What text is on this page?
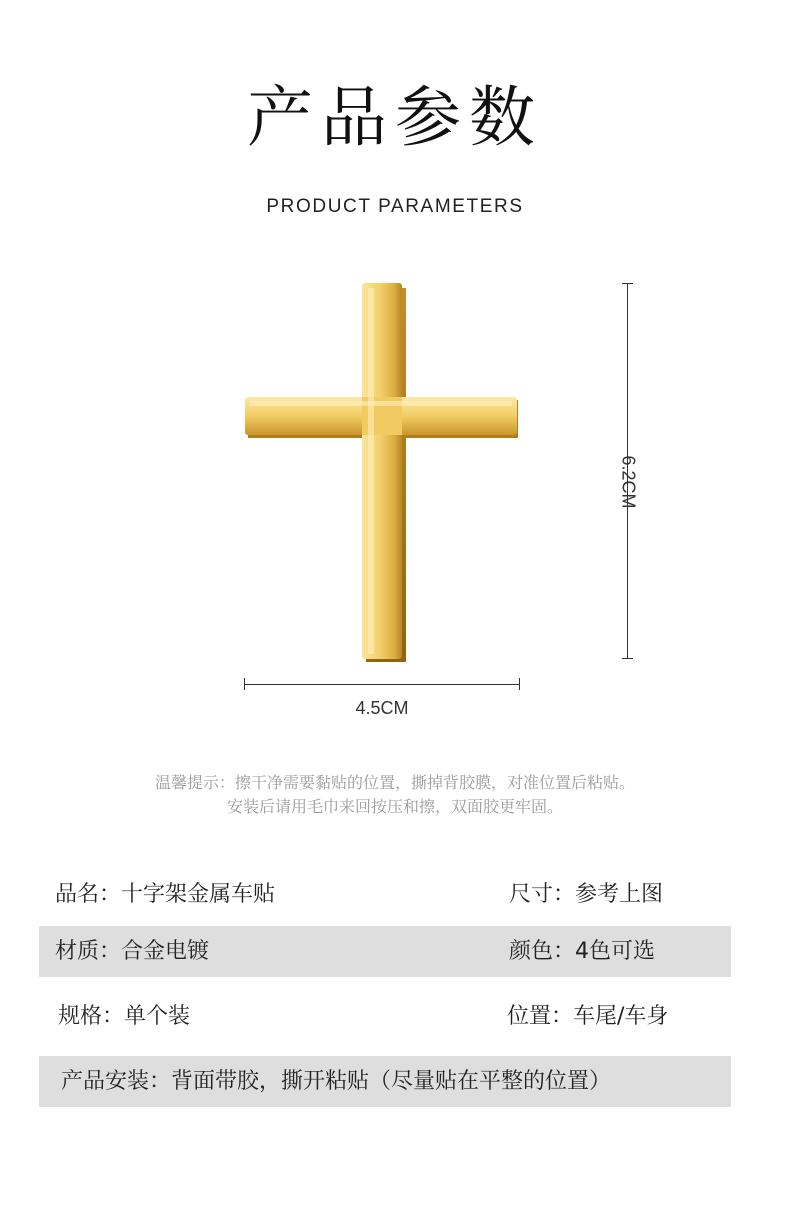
产品参数
PRODUCT PARAMETERS
6.2CM
4.5CM
温馨提示：擦干净需要黏贴的位置，撕掉背胶膜，对准位置后粘贴。
安装后请用毛巾来回按压和擦，双面胶更牢固。
品名：十字架金属车贴	尺寸：参考上图
材质：合金电镀	颜色：4色可选
规格：单个装	位置：车尾/车身
产品安装：背面带胶，撕开粘贴（尽量贴在平整的位置）
